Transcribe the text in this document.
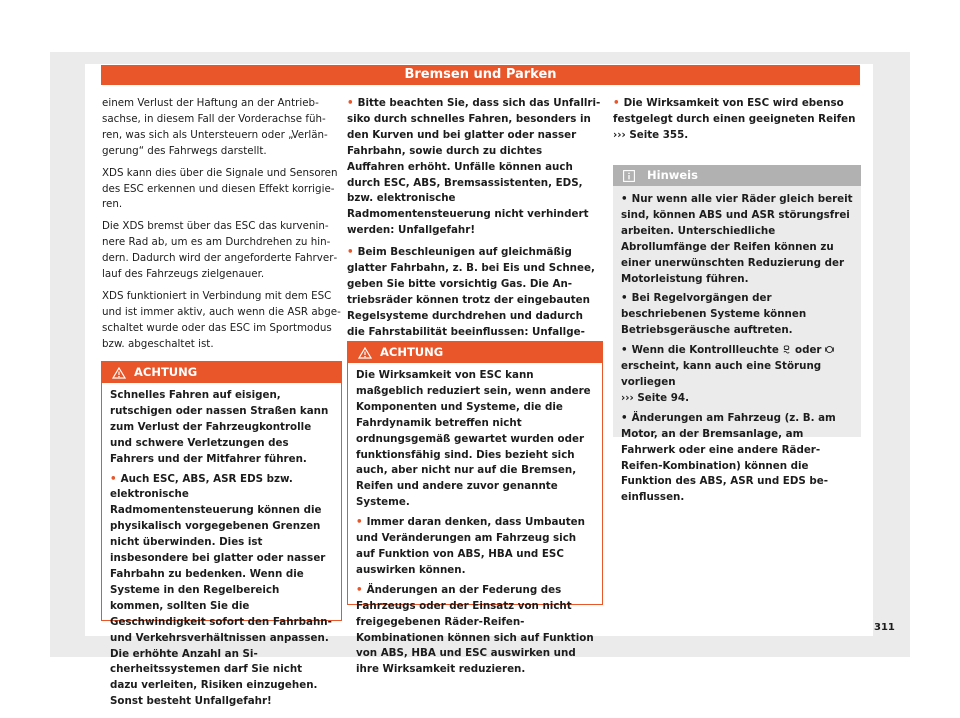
Bremsen und Parken

einem Verlust der Haftung an der Antriebsachse, in diesem Fall der Vorderachse führen, was sich als Untersteuern oder „Verlängerung“ des Fahrwegs darstellt.

XDS kann dies über die Signale und Sensoren des ESC erkennen und diesen Effekt korrigieren.

Die XDS bremst über das ESC das kurveninnere Rad ab, um es am Durchdrehen zu hindern. Dadurch wird der angeforderte Fahrverlauf des Fahrzeugs zielgenauer.

XDS funktioniert in Verbindung mit dem ESC und ist immer aktiv, auch wenn die ASR abgeschaltet wurde oder das ESC im Sportmodus bzw. abgeschaltet ist.

ACHTUNG

Schnelles Fahren auf eisigen, rutschigen oder nassen Straßen kann zum Verlust der Fahrzeugkontrolle und schwere Verletzungen des Fahrers und der Mitfahrer führen.

• Auch ESC, ABS, ASR EDS bzw. elektronische Radmomentensteuerung können die physikalisch vorgegebenen Grenzen nicht überwinden. Dies ist insbesondere bei glatter oder nasser Fahrbahn zu bedenken. Wenn die Systeme in den Regelbereich kommen, sollten Sie die Geschwindigkeit sofort den Fahrbahn- und Verkehrsverhältnissen anpassen. Die erhöhte Anzahl an Sicherheitssystemen darf Sie nicht dazu verleiten, Risiken einzugehen. Sonst besteht Unfallgefahr!

• Bitte beachten Sie, dass sich das Unfallrisiko durch schnelles Fahren, besonders in den Kurven und bei glatter oder nasser Fahrbahn, sowie durch zu dichtes Auffahren erhöht. Unfälle können auch durch ESC, ABS, Bremsassistenten, EDS, bzw. elektronische Radmomentensteuerung nicht verhindert werden: Unfallgefahr!

• Beim Beschleunigen auf gleichmäßig glatter Fahrbahn, z. B. bei Eis und Schnee, geben Sie bitte vorsichtig Gas. Die Antriebsräder können trotz der eingebauten Regelsysteme durchdrehen und dadurch die Fahrstabilität beeinflussen: Unfallge

ACHTUNG

Die Wirksamkeit von ESC kann maßgeblich reduziert sein, wenn andere Komponenten und Systeme, die die Fahrdynamik betreffen nicht ordnungsgemäß gewartet wurden oder funktionsfähig sind. Dies bezieht sich auch, aber nicht nur auf die Bremsen, Reifen und andere zuvor genannte Systeme.

• Immer daran denken, dass Umbauten und Veränderungen am Fahrzeug sich auf Funktion von ABS, HBA und ESC auswirken können.

• Änderungen an der Federung des Fahrzeugs oder der Einsatz von nicht freigegebenen Räder-Reifen-Kombinationen können sich auf Funktion von ABS, HBA und ESC auswirken und ihre Wirksamkeit reduzieren.

• Die Wirksamkeit von ESC wird ebenso festgelegt durch einen geeigneten Reifen
››› Seite 355.

Hinweis

• Nur wenn alle vier Räder gleich bereit sind, können ABS und ASR störungsfrei arbeiten. Unterschiedliche Abrollumfänge der Reifen können zu einer unerwünschten Reduzierung der Motorleistung führen.

• Bei Regelvorgängen der beschriebenen Systeme können Betriebsgeräusche auftreten.

• Wenn die Kontrollleuchte oder  erscheint, kann auch eine Störung vorliegen
››› Seite 94.

• Änderungen am Fahrzeug (z. B. am Motor, an der Bremsanlage, am Fahrwerk oder eine andere Räder-Reifen-Kombination) können die Funktion des ABS, ASR und EDS beeinflussen.

311
